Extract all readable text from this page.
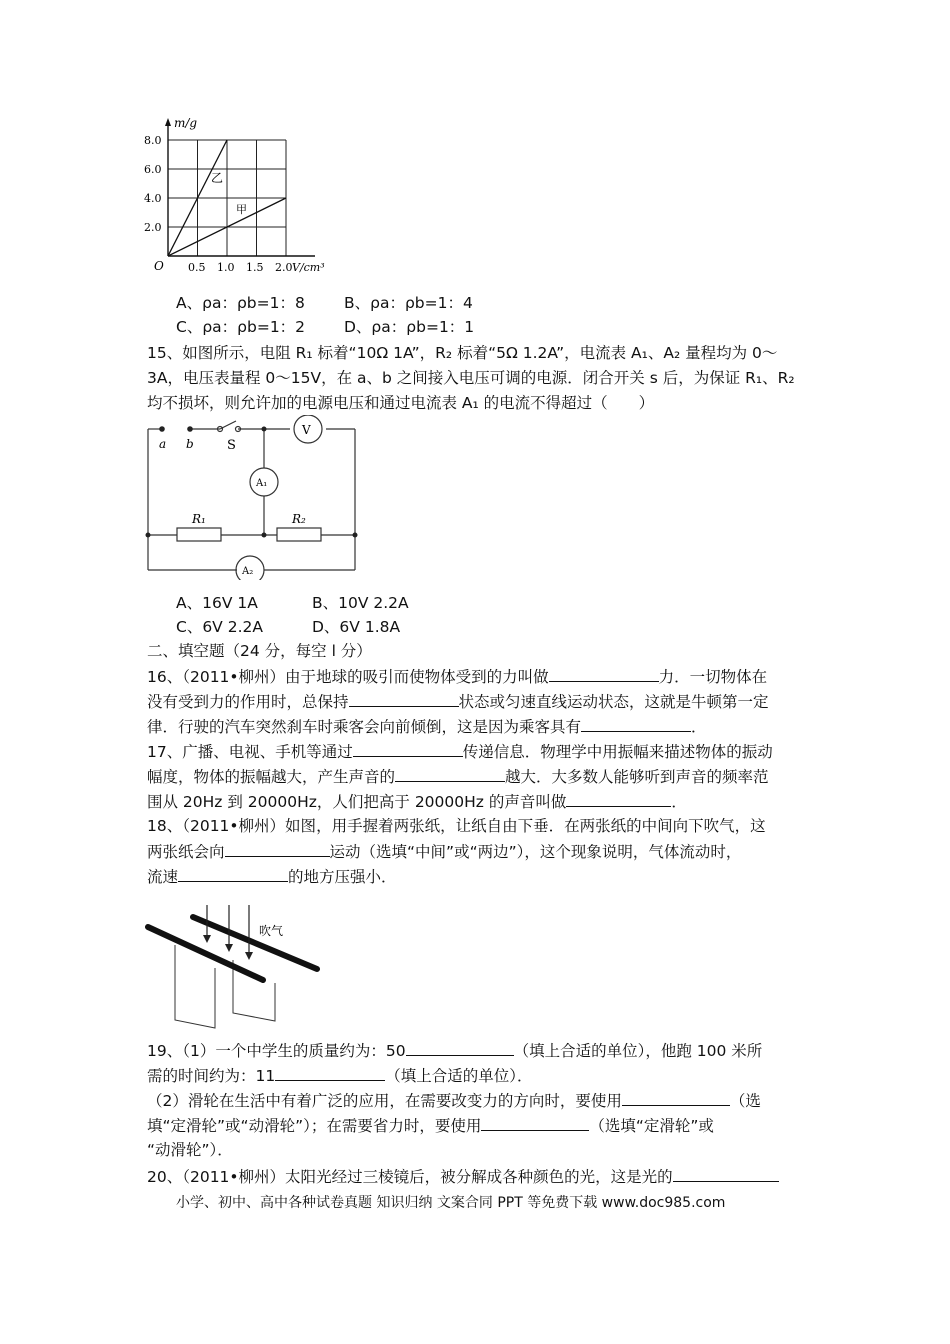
m/g
O
2.0
4.0
6.0
8.0
0.5 1.0 1.5 2.0 V/cm³
乙
甲
A、ρa：ρb=1：8	B、ρa：ρb=1：4
C、ρa：ρb=1：2	D、ρa：ρb=1：1
15、如图所示，电阻 R₁ 标着“10Ω 1A”，R₂ 标着“5Ω 1.2A”，电流表 A₁、A₂ 量程均为 0～
3A，电压表量程 0～15V，在 a、b 之间接入电压可调的电源．闭合开关 s 后，为保证 R₁、R₂
均不损坏，则允许加的电源电压和通过电流表 A₁ 的电流不得超过（　　）
a b	S
V
A₁
A₂
R₁	R₂
A、16V 1A	B、10V 2.2A
C、6V 2.2A	D、6V 1.8A
二、填空题（24 分，每空 l 分）
16、（2011•柳州）由于地球的吸引而使物体受到的力叫做	力．一切物体在
没有受到力的作用时，总保持	状态或匀速直线运动状态，这就是牛顿第一定
律．行驶的汽车突然刹车时乘客会向前倾倒，这是因为乘客具有	．
17、广播、电视、手机等通过	传递信息．物理学中用振幅来描述物体的振动
幅度，物体的振幅越大，产生声音的	越大．大多数人能够听到声音的频率范
围从 20Hz 到 20000Hz，人们把高于 20000Hz 的声音叫做	．
18、（2011•柳州）如图，用手握着两张纸，让纸自由下垂．在两张纸的中间向下吹气，这
两张纸会向	运动（选填“中间”或“两边”），这个现象说明，气体流动时，
流速	的地方压强小．
吹气
19、（1）一个中学生的质量约为：50	（填上合适的单位），他跑 100 米所
需的时间约为：11	（填上合适的单位）．
（2）滑轮在生活中有着广泛的应用，在需要改变力的方向时，要使用	（选
填“定滑轮”或“动滑轮”）；在需要省力时，要使用	（选填“定滑轮”或
“动滑轮”）．
20、（2011•柳州）太阳光经过三棱镜后，被分解成各种颜色的光，这是光的
小学、初中、高中各种试卷真题 知识归纳 文案合同 PPT 等免费下载 www.doc985.com
